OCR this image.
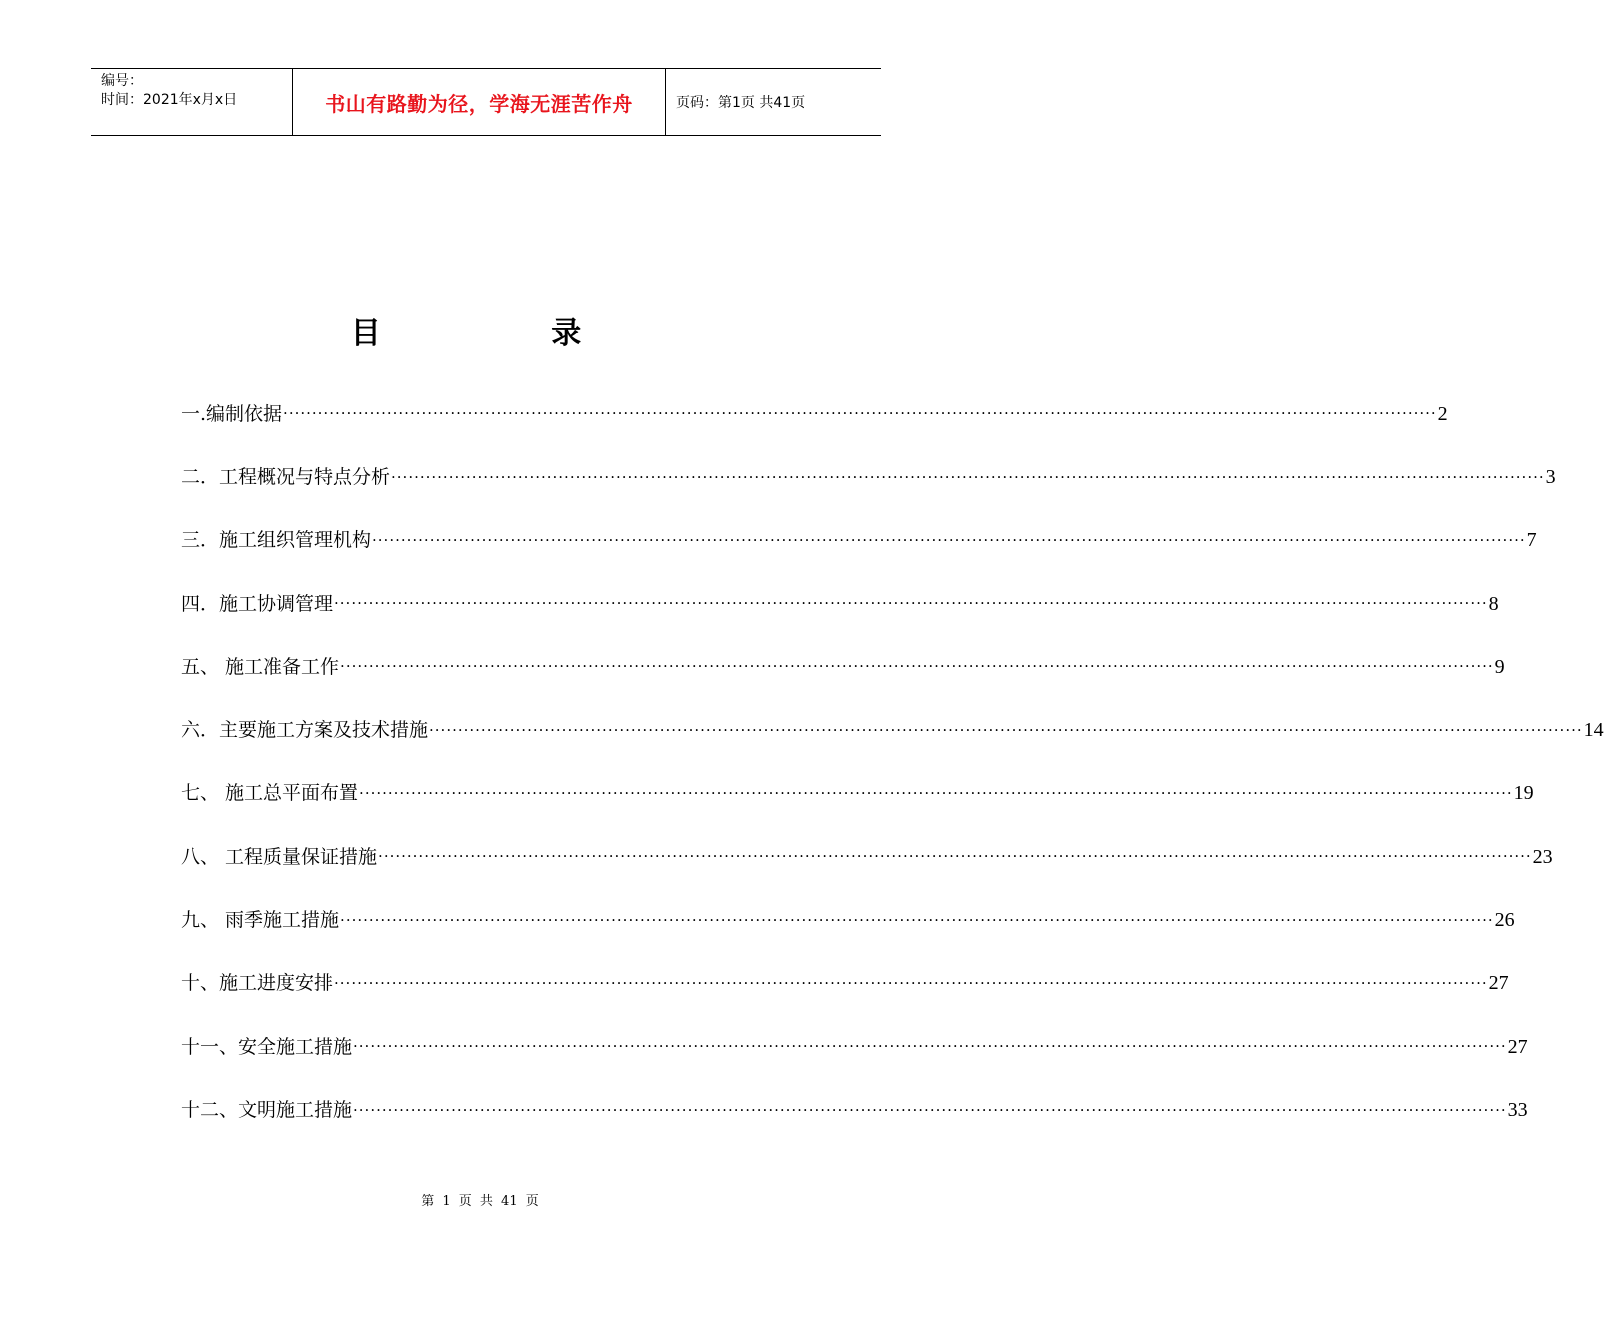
编号：
时间：2021年x月x日	书山有路勤为径，学海无涯苦作舟	页码：第1页 共41页
目 录
一.编制依据 ........................................................................................................................................................................................................ 2
二．工程概况与特点分析 ........................................................................................................................................................................................................ 3
三．施工组织管理机构 ........................................................................................................................................................................................................ 7
四．施工协调管理 ........................................................................................................................................................................................................ 8
五、 施工准备工作 ........................................................................................................................................................................................................ 9
六．主要施工方案及技术措施 ........................................................................................................................................................................................................ 14
七、 施工总平面布置 ........................................................................................................................................................................................................ 19
八、 工程质量保证措施 ........................................................................................................................................................................................................ 23
九、 雨季施工措施 ........................................................................................................................................................................................................ 26
十、施工进度安排 ........................................................................................................................................................................................................ 27
十一、安全施工措施 ........................................................................................................................................................................................................ 27
十二、文明施工措施 ........................................................................................................................................................................................................ 33
第 1 页 共 41 页
